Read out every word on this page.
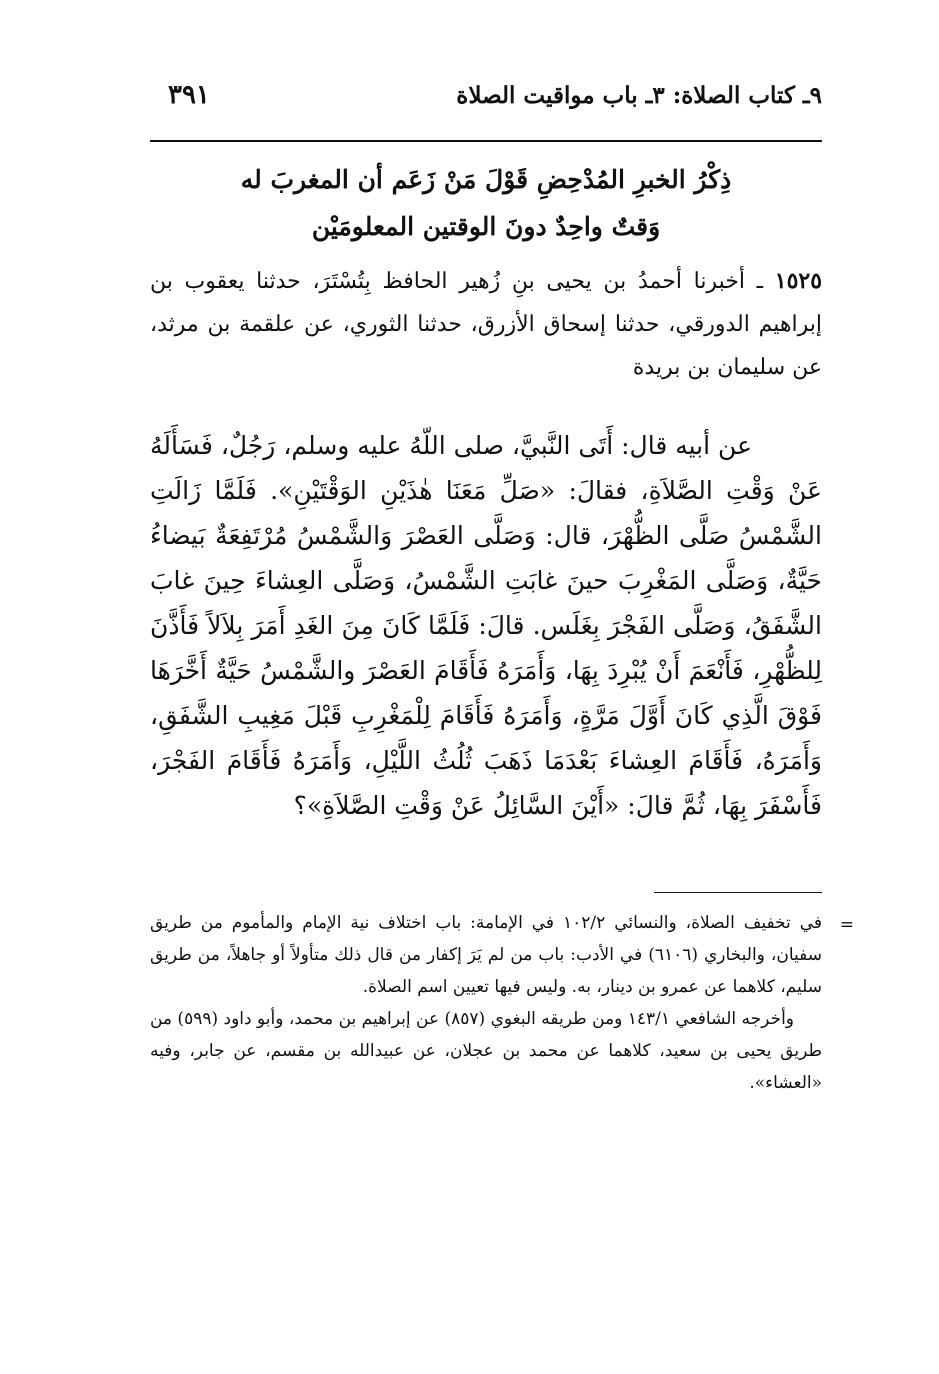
٩ـ كتاب الصلاة: ٣ـ باب مواقيت الصلاة
٣٩١
ذِكْرُ الخبرِ المُدْحِضِ قَوْلَ مَنْ زَعَم أن المغربَ له وَقتٌ واحِدٌ دونَ الوقتين المعلومَيْن

١٥٢٥ ـ أخبرنا أحمدُ بن يحيى بنِ زُهير الحافظ بِتُسْتَرَ، حدثنا يعقوب بن إبراهيم الدورقي، حدثنا إسحاق الأزرق، حدثنا الثوري، عن علقمة بن مرثد، عن سليمان بن بريدة

عن أبيه قال: أَتَى النَّبيَّ، صلى اللّهُ عليه وسلم، رَجُلٌ، فَسَأَلَهُ عَنْ وَقْتِ الصَّلاَةِ، فقالَ: «صَلِّ مَعَنَا هٰذَيْنِ الوَقْتَيْنِ». فَلَمَّا زَالَتِ الشَّمْسُ صَلَّى الظُّهْرَ، قال: وَصَلَّى العَصْرَ وَالشَّمْسُ مُرْتَفِعَةٌ بَيضاءُ حَيَّةٌ، وَصَلَّى المَغْرِبَ حينَ غابَتِ الشَّمْسُ، وَصَلَّى العِشاءَ حِينَ غابَ الشَّفَقُ، وَصَلَّى الفَجْرَ بِغَلَس. قالَ: فَلَمَّا كَانَ مِنَ الغَدِ أَمَرَ بِلاَلاً فَأَذَّنَ لِلظُّهْرِ، فَأَنْعَمَ أَنْ يُبْرِدَ بِهَا، وَأَمَرَهُ فَأَقَامَ العَصْرَ والشَّمْسُ حَيَّةٌ أَخَّرَهَا فَوْقَ الَّذِي كَانَ أَوَّلَ مَرَّةٍ، وَأَمَرَهُ فَأَقَامَ لِلْمَغْرِبِ قَبْلَ مَغِيبِ الشَّفَقِ، وَأَمَرَهُ، فَأَقَامَ العِشاءَ بَعْدَمَا ذَهَبَ ثُلُثُ اللَّيْلِ، وَأَمَرَهُ فَأَقَامَ الفَجْرَ، فَأَسْفَرَ بِهَا، ثُمَّ قالَ: «أَيْنَ السَّائِلُ عَنْ وَقْتِ الصَّلاَةِ»؟

=

في تخفيف الصلاة، والنسائي ١٠٢/٢ في الإمامة: باب اختلاف نية الإمام والمأموم من طريق سفيان، والبخاري (٦١٠٦) في الأدب: باب من لم يَرَ إكفار من قال ذلك متأولاً أو جاهلاً، من طريق سليم، كلاهما عن عمرو بن دينار، به. وليس فيها تعيين اسم الصلاة.

وأخرجه الشافعي ١٤٣/١ ومن طريقه البغوي (٨٥٧) عن إبراهيم بن محمد، وأبو داود (٥٩٩) من طريق يحيى بن سعيد، كلاهما عن محمد بن عجلان، عن عبيدالله بن مقسم، عن جابر، وفيه «العشاء».
